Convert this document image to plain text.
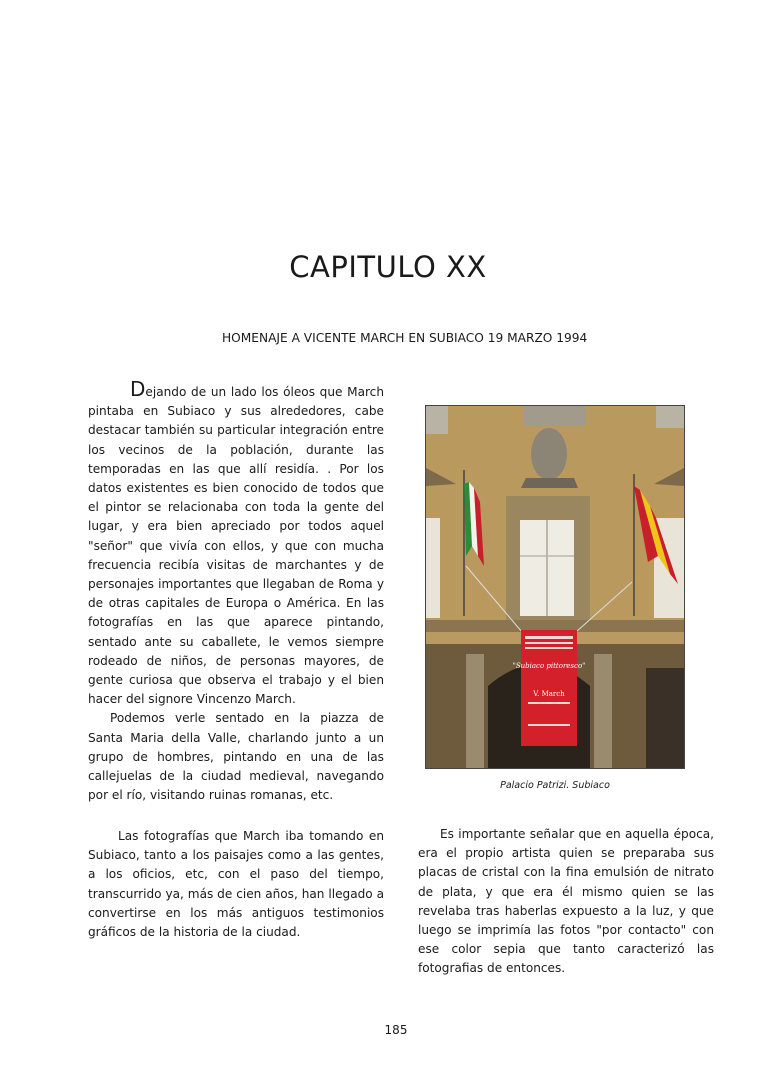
CAPITULO XX
HOMENAJE A VICENTE MARCH EN SUBIACO 19 MARZO 1994

Dejando de un lado los óleos que March pintaba en Subiaco y sus alrededores, cabe destacar también su particular integración entre los vecinos de la población, durante las temporadas en las que allí residía. . Por los datos existentes es bien conocido de todos que el pintor se relacionaba con toda la gente del lugar, y era bien apreciado por todos aquel "señor" que vivía con ellos, y que con mucha frecuencia recibía visitas de marchantes y de personajes importantes que llegaban de Roma y de otras capitales de Europa o América. En las fotografías en las que aparece pintando, sentado ante su caballete, le vemos siempre rodeado de niños, de personas mayores, de gente curiosa que observa el trabajo y el bien hacer del signore Vincenzo March.

Podemos verle sentado en la piazza de Santa Maria della Valle, charlando junto a un grupo de hombres, pintando en una de las callejuelas de la ciudad medieval, navegando por el río, visitando ruinas romanas, etc.

Las fotografías que March iba tomando en Subiaco, tanto a los paisajes como a las gentes, a los oficios, etc, con el paso del tiempo, transcurrido ya, más de cien años, han llegado a convertirse en los más antiguos testimonios gráficos de la historia de la ciudad.

"Subiaco pittoresco"
V. March
Palacio Patrizi. Subiaco

Es importante señalar que en aquella época, era el propio artista quien se preparaba sus placas de cristal con la fina emulsión de nitrato de plata, y que era él mismo quien se las revelaba tras haberlas expuesto a la luz, y que luego se imprimía las fotos "por contacto" con ese color sepia que tanto caracterizó las fotografias de entonces.

185
